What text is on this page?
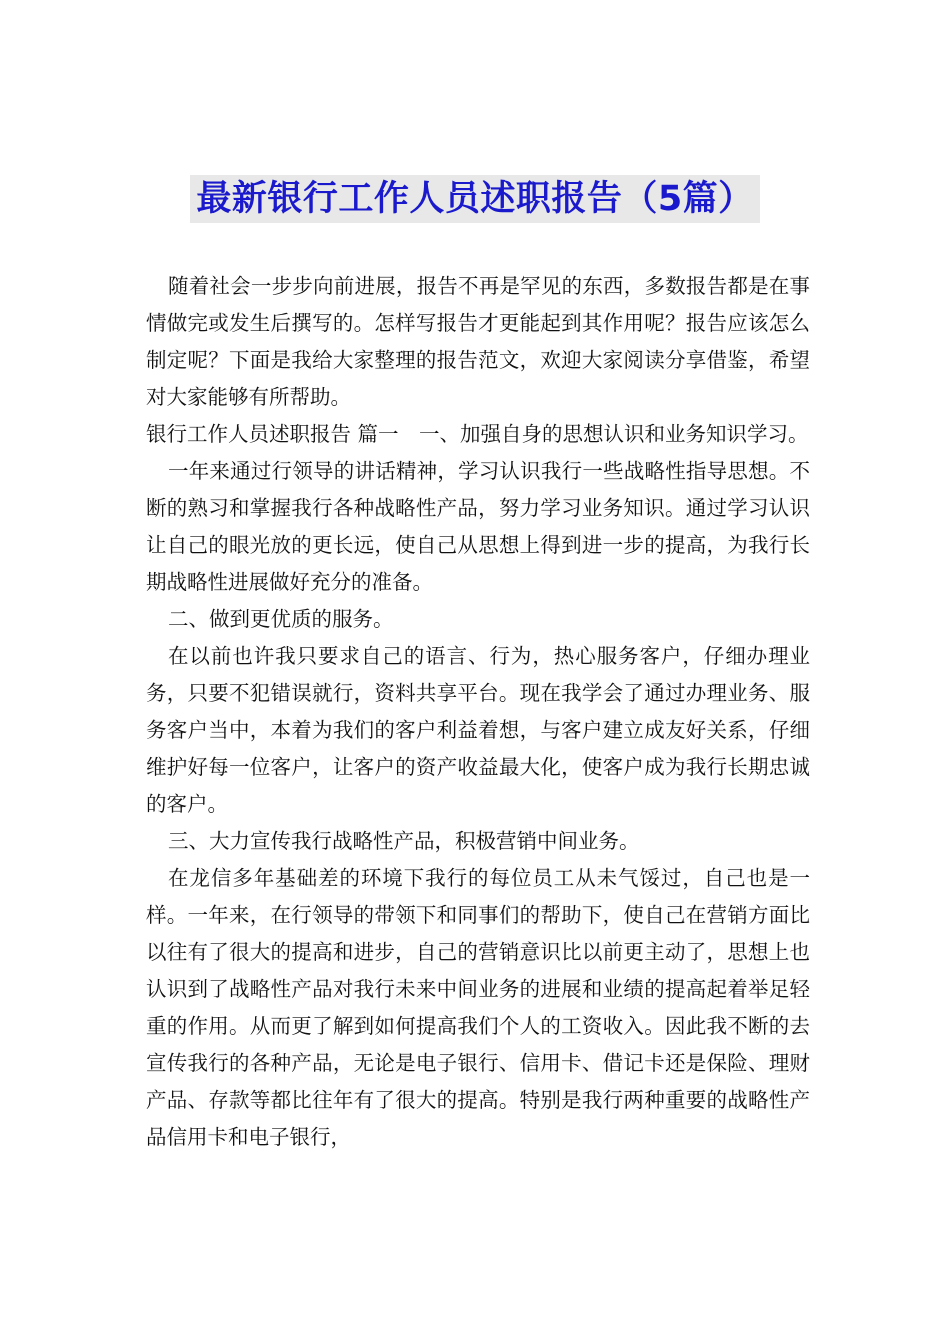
最新银行工作人员述职报告（5篇）

随着社会一步步向前进展，报告不再是罕见的东西，多数报告都是在事情做完或发生后撰写的。怎样写报告才更能起到其作用呢？报告应该怎么制定呢？下面是我给大家整理的报告范文，欢迎大家阅读分享借鉴，希望对大家能够有所帮助。

银行工作人员述职报告 篇一　一、加强自身的思想认识和业务知识学习。

一年来通过行领导的讲话精神，学习认识我行一些战略性指导思想。不断的熟习和掌握我行各种战略性产品，努力学习业务知识。通过学习认识让自己的眼光放的更长远，使自己从思想上得到进一步的提高，为我行长期战略性进展做好充分的准备。

二、做到更优质的服务。

在以前也许我只要求自己的语言、行为，热心服务客户，仔细办理业务，只要不犯错误就行，资料共享平台。现在我学会了通过办理业务、服务客户当中，本着为我们的客户利益着想，与客户建立成友好关系，仔细维护好每一位客户，让客户的资产收益最大化，使客户成为我行长期忠诚的客户。

三、大力宣传我行战略性产品，积极营销中间业务。

在龙信多年基础差的环境下我行的每位员工从未气馁过，自己也是一样。一年来，在行领导的带领下和同事们的帮助下，使自己在营销方面比以往有了很大的提高和进步，自己的营销意识比以前更主动了，思想上也认识到了战略性产品对我行未来中间业务的进展和业绩的提高起着举足轻重的作用。从而更了解到如何提高我们个人的工资收入。因此我不断的去宣传我行的各种产品，无论是电子银行、信用卡、借记卡还是保险、理财产品、存款等都比往年有了很大的提高。特别是我行两种重要的战略性产品信用卡和电子银行，
